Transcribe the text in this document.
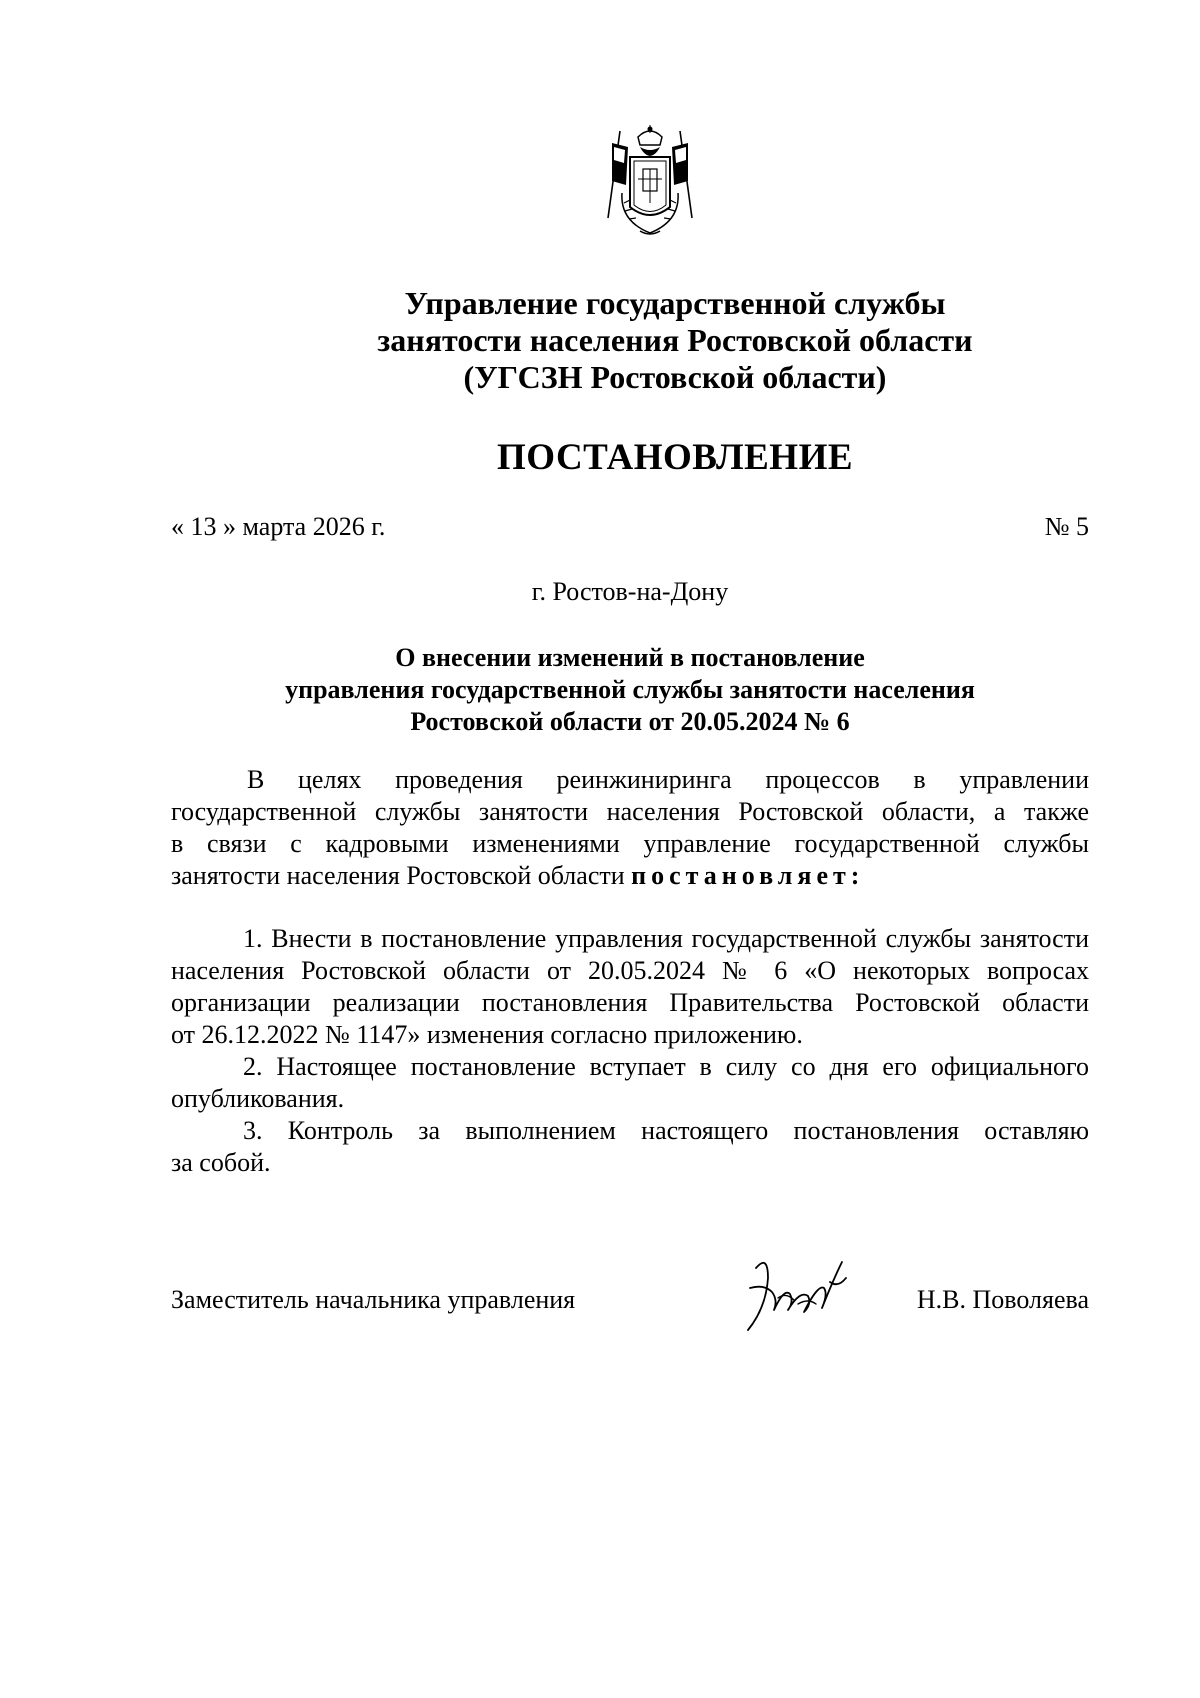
Управление государственной службы
занятости населения Ростовской области
(УГСЗН Ростовской области)
ПОСТАНОВЛЕНИЕ
« 13 » марта 2026 г.	№ 5
г. Ростов-на-Дону
О внесении изменений в постановление
управления государственной службы занятости населения
Ростовской области от 20.05.2024 № 6
В целях проведения реинжиниринга процессов в управлении
государственной службы занятости населения Ростовской области, а также
в связи с кадровыми изменениями управление государственной службы
занятости населения Ростовской области постановляет:
1. Внести в постановление управления государственной службы занятости
населения Ростовской области от 20.05.2024 № 6 «О некоторых вопросах
организации реализации постановления Правительства Ростовской области
от 26.12.2022 № 1147» изменения согласно приложению.
2. Настоящее постановление вступает в силу со дня его официального
опубликования.
3. Контроль за выполнением настоящего постановления оставляю
за собой.
Заместитель начальника управления	Н.В. Поволяева
